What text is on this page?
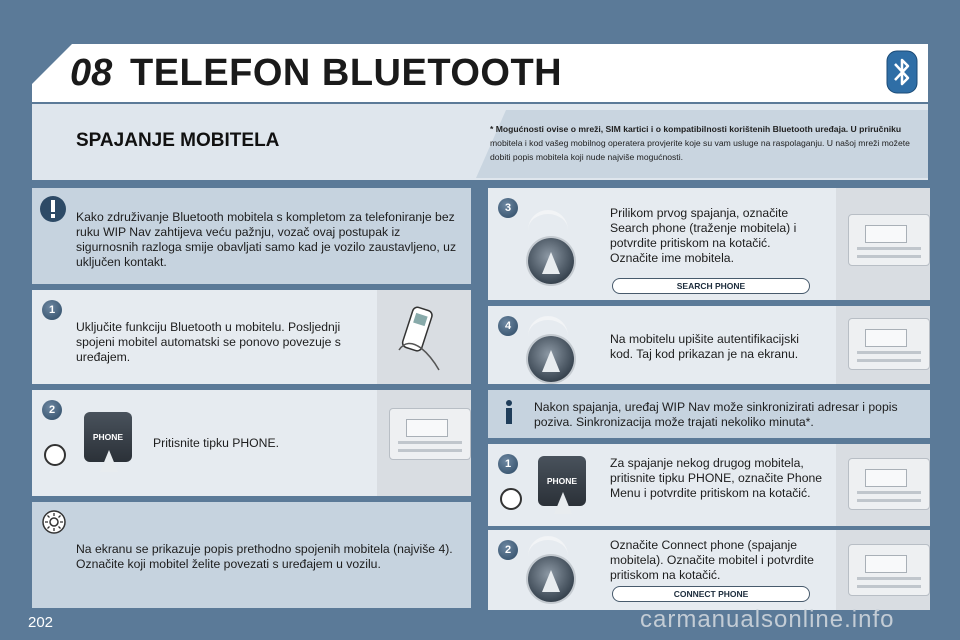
08 TELEFON BLUETOOTH
SPAJANJE MOBITELA
* Mogućnosti ovise o mreži, SIM kartici i o kompatibilnosti korištenih Bluetooth uređaja. U priručniku
mobitela i kod vašeg mobilnog operatera provjerite koje su vam usluge na raspolaganju. U našoj mreži možete dobiti popis mobitela koji nude najviše mogućnosti.
Kako združivanje Bluetooth mobitela s kompletom za telefoniranje bez ruku WIP Nav zahtijeva veću pažnju, vozač ovaj postupak iz sigurnosnih razloga smije obavljati samo kad je vozilo zaustavljeno, uz uključen kontakt.
1
Uključite funkciju Bluetooth u mobitelu. Posljednji spojeni mobitel automatski se ponovo povezuje s uređajem.
2
PHONE	Pritisnite tipku PHONE.
Na ekranu se prikazuje popis prethodno spojenih mobitela (najviše 4). Označite koji mobitel želite povezati s uređajem u vozilu.
3	Prilikom prvog spajanja, označite Search phone (traženje mobitela) i potvrdite pritiskom na kotačić. Označite ime mobitela.
SEARCH PHONE
4
Na mobitelu upišite autentifikacijski kod. Taj kod prikazan je na ekranu.
Nakon spajanja, uređaj WIP Nav može sinkronizirati adresar i popis poziva. Sinkronizacija može trajati nekoliko minuta*.
1
PHONE
Za spajanje nekog drugog mobitela, pritisnite tipku PHONE, označite Phone Menu i potvrdite pritiskom na kotačić.
2	Označite Connect phone (spajanje mobitela). Označite mobitel i potvrdite pritiskom na kotačić.
CONNECT PHONE
202	carmanualsonline.info
